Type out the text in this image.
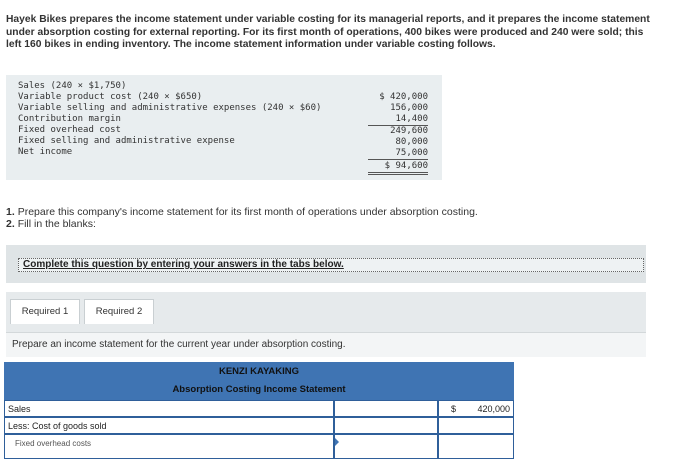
Hayek Bikes prepares the income statement under variable costing for its managerial reports, and it prepares the income statement
under absorption costing for external reporting. For its first month of operations, 400 bikes were produced and 240 were sold; this
left 160 bikes in ending inventory. The income statement information under variable costing follows.
Sales (240 × $1,750)
$ 420,000
Variable product cost (240 × $650)
156,000
Variable selling and administrative expenses (240 × $60)
14,400
Contribution margin
249,600
Fixed overhead cost
80,000
Fixed selling and administrative expense
75,000
Net income
$ 94,600
1. Prepare this company's income statement for its first month of operations under absorption costing.
2. Fill in the blanks:
Complete this question by entering your answers in the tabs below.
Required 1	Required 2
Prepare an income statement for the current year under absorption costing.
KENZI KAYAKING
Absorption Costing Income Statement
Sales	$ 420,000
Less: Cost of goods sold
Fixed overhead costs
